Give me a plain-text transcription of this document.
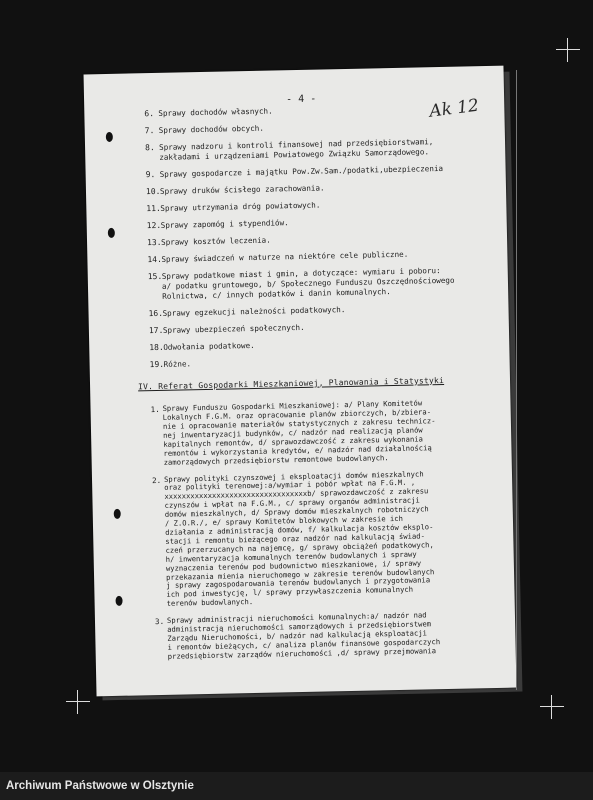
- 4 -	Ak 12
6. Sprawy dochodów własnych.
7. Sprawy dochodów obcych.
8. Sprawy nadzoru i kontroli finansowej nad przedsiębiorstwami,
zakładami i urządzeniami Powiatowego Związku Samorządowego.
9. Sprawy gospodarcze i majątku Pow.Zw.Sam./podatki,ubezpieczenia
10. Sprawy druków ścisłego zarachowania.
11. Sprawy utrzymania dróg powiatowych.
12. Sprawy zapomóg i stypendiów.
13. Sprawy kosztów leczenia.
14. Sprawy świadczeń w naturze na niektóre cele publiczne.
15. Sprawy podatkowe miast i gmin, a dotyczące: wymiaru i poboru:
a/ podatku gruntowego, b/ Społecznego Funduszu Oszczędnościowego
Rolnictwa, c/ innych podatków i danin komunalnych.
16. Sprawy egzekucji należności podatkowych.
17. Sprawy ubezpieczeń społecznych.
18. Odwołania podatkowe.
19. Różne.
IV. Referat Gospodarki Mieszkaniowej, Planowania i Statystyki
1. Sprawy Funduszu Gospodarki Mieszkaniowej: a/ Plany Komitetów
Lokalnych F.G.M. oraz opracowanie planów zbiorczych, b/zbiera-
nie i opracowanie materiałów statystycznych z zakresu technicz-
nej inwentaryzacji budynków, c/ nadzór nad realizacją planów
kapitalnych remontów, d/ sprawozdawczość z zakresu wykonania
remontów i wykorzystania kredytów, e/ nadzór nad działalnością
zamorządowych przedsiębiorstw remontowe budowlanych.
2. Sprawy polityki czynszowej i eksploatacji domów mieszkalnych
oraz polityki terenowej:a/wymiar i pobór wpłat na F.G.M. ,
xxxxxxxxxxxxxxxxxxxxxxxxxxxxxxxxxb/ sprawozdawczość z zakresu
czynszów i wpłat na F.G.M., c/ sprawy organów administracji
domów mieszkalnych, d/ Sprawy domów mieszkalnych robotniczych
/ Z.O.R./, e/ sprawy Komitetów blokowych w zakresie ich
działania z administracją domów, f/ kalkulacja kosztów eksplo-
stacji i remontu bieżącego oraz nadzór nad kalkulacją świad-
czeń przerzucanych na najemcę, g/ sprawy obciążeń podatkowych,
h/ inwentaryzacja komunalnych terenów budowlanych i sprawy
wyznaczenia terenów pod budownictwo mieszkaniowe, i/ sprawy
przekazania mienia nieruchomego w zakresie terenów budowlanych
j sprawy zagospodarowania terenów budowlanych i przygotowania
ich pod inwestycję, l/ sprawy przywłaszczenia komunalnych
terenów budowlanych.
3. Sprawy administracji nieruchomości komunalnych:a/ nadzór nad
administracją nieruchomości samorządowych i przedsiębiorstwem
Zarządu Nieruchomości, b/ nadzór nad kalkulacją eksploatacji
i remontów bieżących, c/ analiza planów finansowe gospodarczych
przedsiębiorstw zarządów nieruchomości ,d/ sprawy przejmowania
Archiwum Państwowe w Olsztynie
